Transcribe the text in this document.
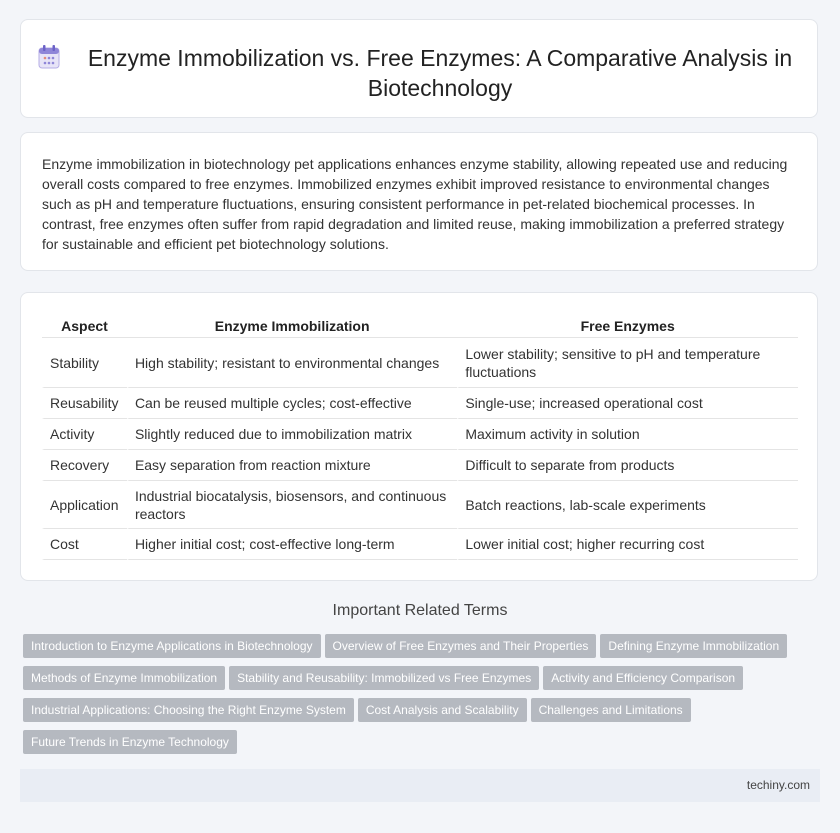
Enzyme Immobilization vs. Free Enzymes: A Comparative Analysis in Biotechnology

Enzyme immobilization in biotechnology pet applications enhances enzyme stability, allowing repeated use and reducing overall costs compared to free enzymes. Immobilized enzymes exhibit improved resistance to environmental changes such as pH and temperature fluctuations, ensuring consistent performance in pet-related biochemical processes. In contrast, free enzymes often suffer from rapid degradation and limited reuse, making immobilization a preferred strategy for sustainable and efficient pet biotechnology solutions.

Aspect	Enzyme Immobilization	Free Enzymes
Stability	High stability; resistant to environmental changes	Lower stability; sensitive to pH and temperature fluctuations
Reusability	Can be reused multiple cycles; cost-effective	Single-use; increased operational cost
Activity	Slightly reduced due to immobilization matrix	Maximum activity in solution
Recovery	Easy separation from reaction mixture	Difficult to separate from products
Application	Industrial biocatalysis, biosensors, and continuous reactors	Batch reactions, lab-scale experiments
Cost	Higher initial cost; cost-effective long-term	Lower initial cost; higher recurring cost
Important Related Terms
Introduction to Enzyme Applications in Biotechnology Overview of Free Enzymes and Their Properties Defining Enzyme ImmobilizationMethods of Enzyme Immobilization Stability and Reusability: Immobilized vs Free Enzymes Activity and Efficiency ComparisonIndustrial Applications: Choosing the Right Enzyme System Cost Analysis and Scalability Challenges and LimitationsFuture Trends in Enzyme Technology
techiny.com
